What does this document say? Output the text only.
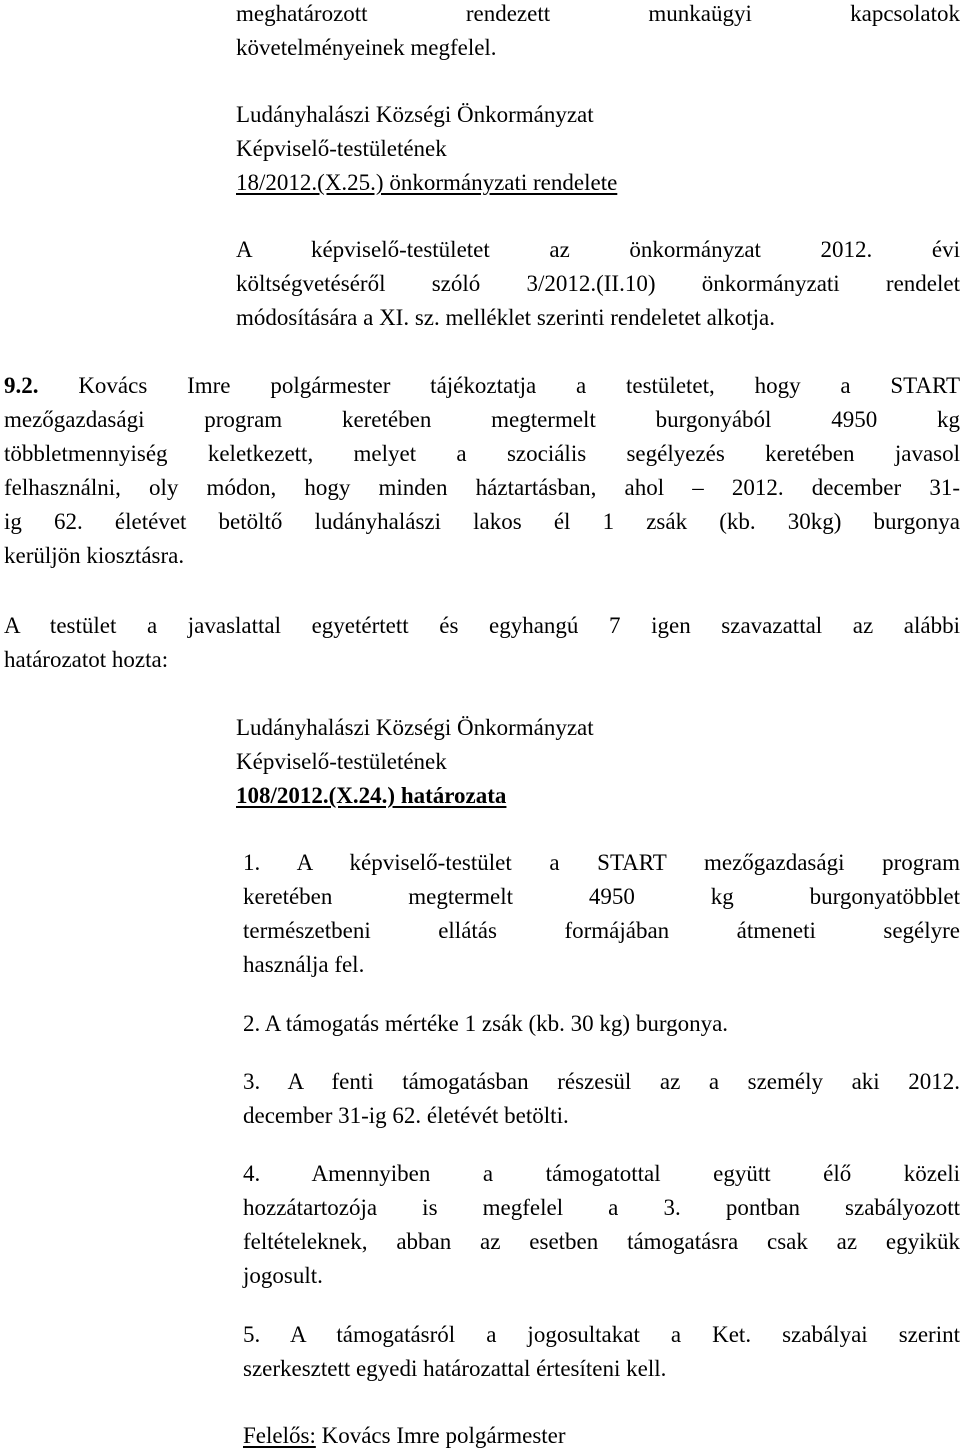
meghatározott rendezett munkaügyi kapcsolatok
követelményeinek megfelel.
Ludányhalászi Községi Önkormányzat
Képviselő-testületének
18/2012.(X.25.) önkormányzati rendelete
A képviselő-testületet az önkormányzat 2012. évi
költségvetéséről szóló 3/2012.(II.10) önkormányzati rendelet
módosítására a XI. sz. melléklet szerinti rendeletet alkotja.
9.2. Kovács Imre polgármester tájékoztatja a testületet, hogy a START
mezőgazdasági program keretében megtermelt burgonyából 4950 kg
többletmennyiség keletkezett, melyet a szociális segélyezés keretében javasol
felhasználni, oly módon, hogy minden háztartásban, ahol – 2012. december 31-
ig 62. életévet betöltő ludányhalászi lakos él 1 zsák (kb. 30kg) burgonya
kerüljön kiosztásra.
A testület a javaslattal egyetértett és egyhangú 7 igen szavazattal az alábbi
határozatot hozta:
Ludányhalászi Községi Önkormányzat
Képviselő-testületének
108/2012.(X.24.) határozata
1. A képviselő-testület a START mezőgazdasági program
keretében megtermelt 4950 kg burgonyatöbblet
természetbeni ellátás formájában átmeneti segélyre
használja fel.
2. A támogatás mértéke 1 zsák (kb. 30 kg) burgonya.
3. A fenti támogatásban részesül az a személy aki 2012.
december 31-ig 62. életévét betölti.
4. Amennyiben a támogatottal együtt élő közeli
hozzátartozója is megfelel a 3. pontban szabályozott
feltételeknek, abban az esetben támogatásra csak az egyikük
jogosult.
5. A támogatásról a jogosultakat a Ket. szabályai szerint
szerkesztett egyedi határozattal értesíteni kell.
Felelős: Kovács Imre polgármester
